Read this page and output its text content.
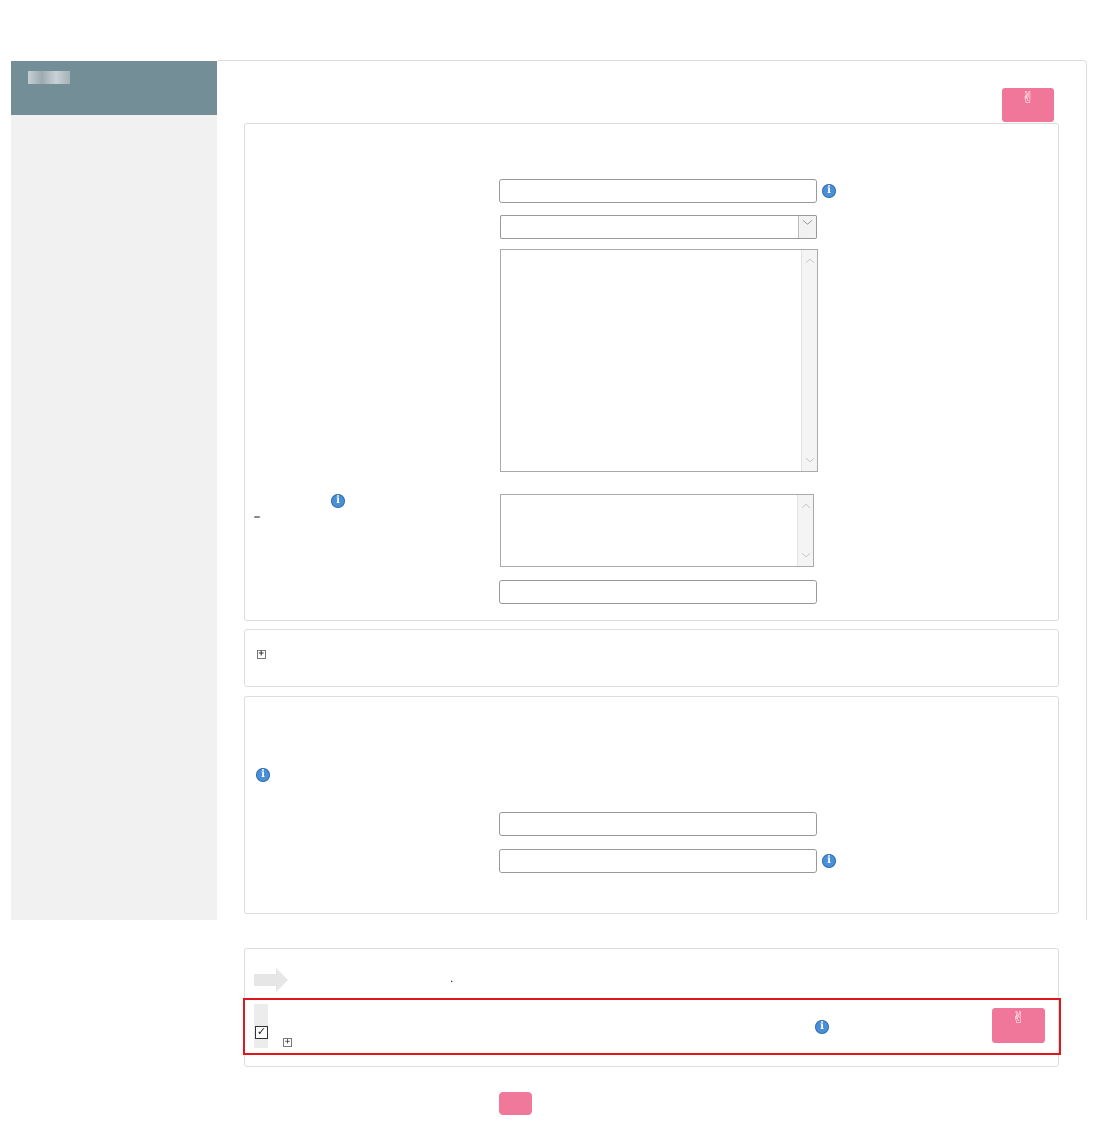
✌
i
﹀
︿
﹀
i	︿
﹀
+
i
i
.
✓
+
i	✌
